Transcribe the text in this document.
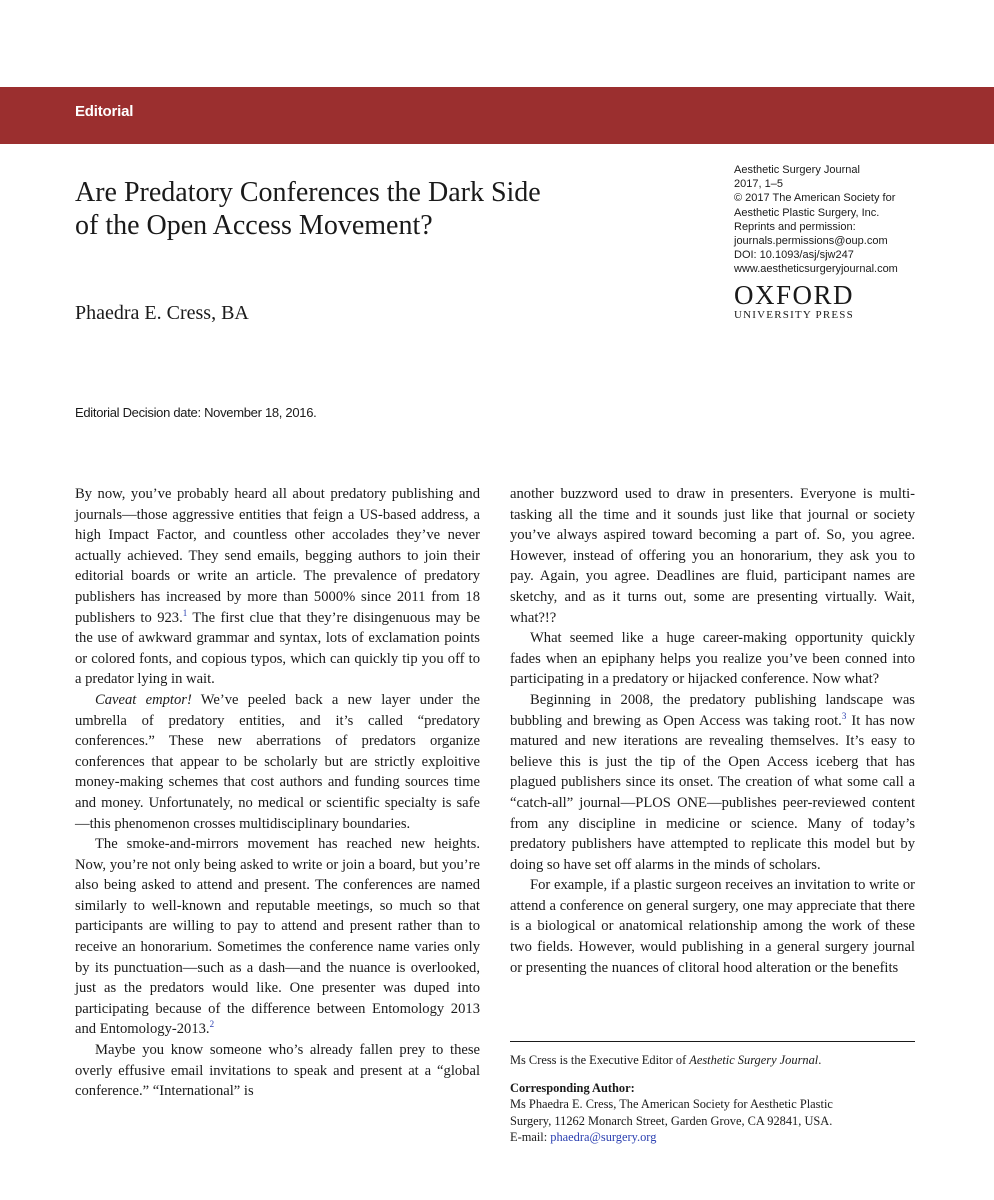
Editorial
Are Predatory Conferences the Dark Side
of the Open Access Movement?

Phaedra E. Cress, BA

Aesthetic Surgery Journal
2017, 1–5
© 2017 The American Society for
Aesthetic Plastic Surgery, Inc.
Reprints and permission:
journals.permissions@oup.com
DOI: 10.1093/asj/sjw247
www.aestheticsurgeryjournal.com
OXFORD
UNIVERSITY PRESS
Editorial Decision date: November 18, 2016.

By now, you’ve probably heard all about predatory publishing and journals—those aggressive entities that feign a US-based address, a high Impact Factor, and countless other accolades they’ve never actually achieved. They send emails, begging authors to join their editorial boards or write an article. The prevalence of predatory publishers has increased by more than 5000% since 2011 from 18 publishers to 923.$^1$ The first clue that they’re disingenuous may be the use of awkward grammar and syntax, lots of exclamation points or colored fonts, and copious typos, which can quickly tip you off to a predator lying in wait.

Caveat emptor! We’ve peeled back a new layer under the umbrella of predatory entities, and it’s called “predatory conferences.” These new aberrations of predators organize conferences that appear to be scholarly but are strictly exploitive money-making schemes that cost authors and funding sources time and money. Unfortunately, no medical or scientific specialty is safe—this phenomenon crosses multidisciplinary boundaries.

The smoke-and-mirrors movement has reached new heights. Now, you’re not only being asked to write or join a board, but you’re also being asked to attend and present. The conferences are named similarly to well-known and reputable meetings, so much so that participants are willing to pay to attend and present rather than to receive an honorarium. Sometimes the conference name varies only by its punctuation—such as a dash—and the nuance is overlooked, just as the predators would like. One presenter was duped into participating because of the difference between Entomology 2013 and Entomology-2013.$^2$

Maybe you know someone who’s already fallen prey to these overly effusive email invitations to speak and present at a “global conference.” “International” is

another buzzword used to draw in presenters. Everyone is multi-tasking all the time and it sounds just like that journal or society you’ve always aspired toward becoming a part of. So, you agree. However, instead of offering you an honorarium, they ask you to pay. Again, you agree. Deadlines are fluid, participant names are sketchy, and as it turns out, some are presenting virtually. Wait, what?!?

What seemed like a huge career-making opportunity quickly fades when an epiphany helps you realize you’ve been conned into participating in a predatory or hijacked conference. Now what?

Beginning in 2008, the predatory publishing landscape was bubbling and brewing as Open Access was taking root.$^3$ It has now matured and new iterations are revealing themselves. It’s easy to believe this is just the tip of the Open Access iceberg that has plagued publishers since its onset. The creation of what some call a “catch-all” journal—PLOS ONE—publishes peer-reviewed content from any discipline in medicine or science. Many of today’s predatory publishers have attempted to replicate this model but by doing so have set off alarms in the minds of scholars.

For example, if a plastic surgeon receives an invitation to write or attend a conference on general surgery, one may appreciate that there is a biological or anatomical relationship among the work of these two fields. However, would publishing in a general surgery journal or presenting the nuances of clitoral hood alteration or the benefits

Ms Cress is the Executive Editor of Aesthetic Surgery Journal.
Corresponding Author:
Ms Phaedra E. Cress, The American Society for Aesthetic Plastic
Surgery, 11262 Monarch Street, Garden Grove, CA 92841, USA.
E-mail: phaedra@surgery.org
